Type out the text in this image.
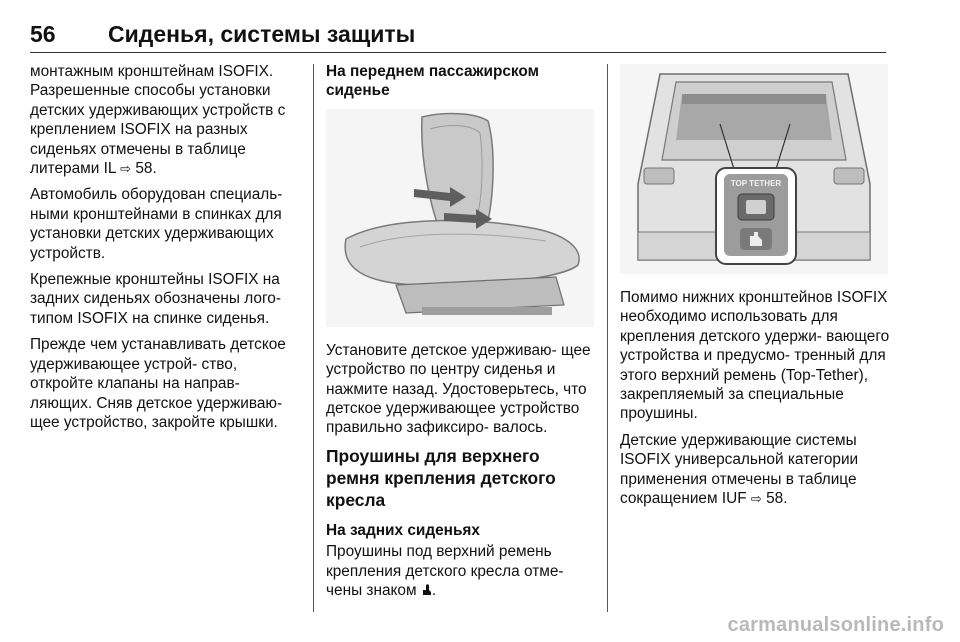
56 Сиденья, системы защиты

монтажным кронштейнам ISOFIX. Разрешенные способы установки детских удерживающих устройств с креплением ISOFIX на разных сиденьях отмечены в таблице литерами IL ⇨ 58.

Автомобиль оборудован специаль- ными кронштейнами в спинках для установки детских удерживающих устройств.

Крепежные кронштейны ISOFIX на задних сиденьях обозначены лого- типом ISOFIX на спинке сиденья.

Прежде чем устанавливать детское удерживающее устрой- ство, откройте клапаны на направ- ляющих. Сняв детское удерживаю- щее устройство, закройте крышки.

На переднем пассажирском сиденье

Установите детское удерживаю- щее устройство по центру сиденья и нажмите назад. Удостоверьтесь, что детское удерживающее устройство правильно зафиксиро- валось.

Проушины для верхнего ремня крепления детского кресла
На задних сиденьях

Проушины под верхний ремень крепления детского кресла отме- чены знаком .

TOP TETHER

Помимо нижних кронштейнов ISOFIX необходимо использовать для крепления детского удержи- вающего устройства и предусмо- тренный для этого верхний ремень (Top-Tether), закрепляемый за специальные проушины.

Детские удерживающие системы ISOFIX универсальной категории применения отмечены в таблице сокращением IUF ⇨ 58.

carmanualsonline.info
